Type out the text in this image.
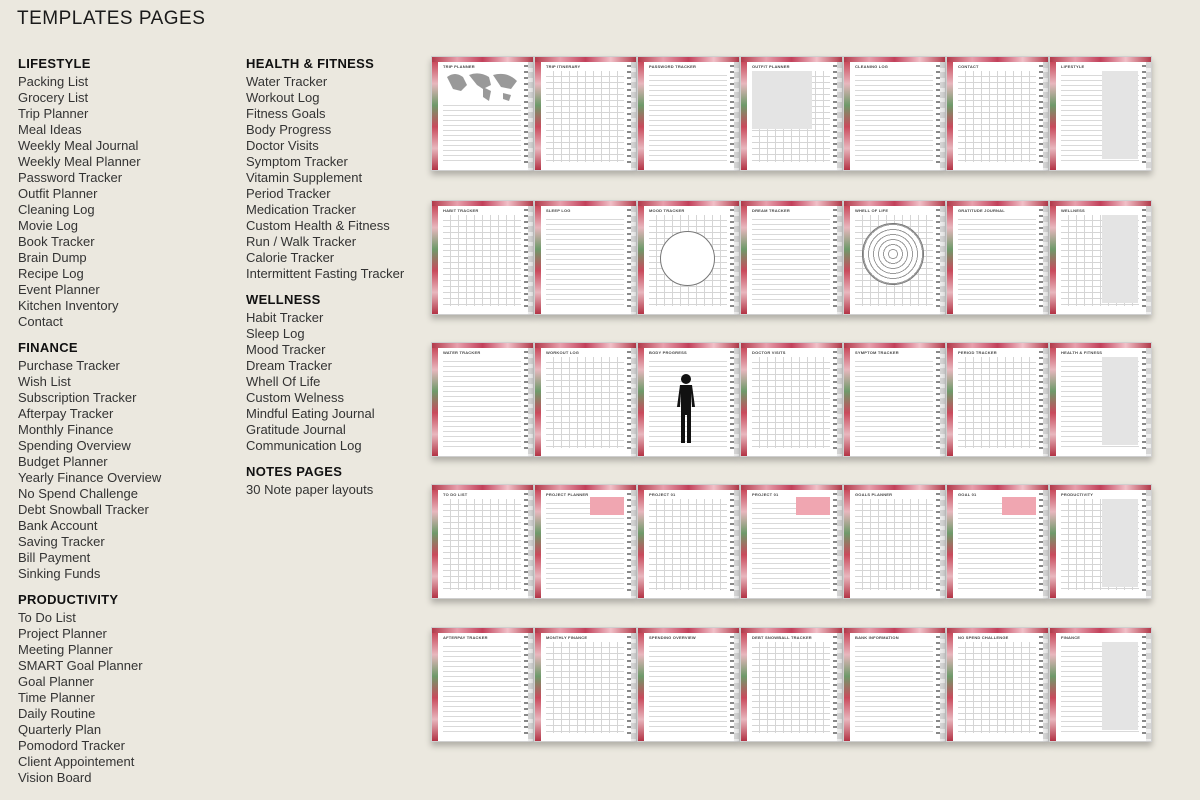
TEMPLATES PAGES
LIFESTYLE
Packing List
Grocery List
Trip Planner
Meal Ideas
Weekly Meal Journal
Weekly Meal Planner
Password Tracker
Outfit Planner
Cleaning Log
Movie Log
Book Tracker
Brain Dump
Recipe Log
Event Planner
Kitchen Inventory
Contact
FINANCE
Purchase Tracker
Wish List
Subscription Tracker
Afterpay Tracker
Monthly Finance
Spending Overview
Budget Planner
Yearly Finance Overview
No Spend Challenge
Debt Snowball Tracker
Bank Account
Saving Tracker
Bill Payment
Sinking Funds
PRODUCTIVITY
To Do List
Project Planner
Meeting Planner
SMART Goal Planner
Goal Planner
Time Planner
Daily Routine
Quarterly Plan
Pomodord Tracker
Client Appointement
Vision Board
HEALTH & FITNESS
Water Tracker
Workout Log
Fitness Goals
Body Progress
Doctor Visits
Symptom Tracker
Vitamin Supplement
Period Tracker
Medication Tracker
Custom Health & Fitness
Run / Walk Tracker
Calorie Tracker
Intermittent Fasting Tracker
WELLNESS
Habit Tracker
Sleep Log
Mood Tracker
Dream Tracker
Whell Of Life
Custom Welness
Mindful Eating Journal
Gratitude Journal
Communication Log
NOTES PAGES
30 Note paper layouts
TRIP PLANNER	TRIP ITINERARY	PASSWORD TRACKER	OUTFIT PLANNER	CLEANING LOG	CONTACT	LIFESTYLE
HABIT TRACKER	SLEEP LOG	MOOD TRACKER	DREAM TRACKER	WHELL OF LIFE	GRATITUDE JOURNAL	WELLNESS
WATER TRACKER	WORKOUT LOG	BODY PROGRESS	DOCTOR VISITS	SYMPTOM TRACKER	PERIOD TRACKER	HEALTH & FITNESS
TO DO LIST	PROJECT PLANNER	PROJECT 01	PROJECT 01	GOALS PLANNER	GOAL 01	PRODUCTIVITY
AFTERPAY TRACKER	MONTHLY FINANCE	SPENDING OVERVIEW	DEBT SNOWBALL TRACKER	BANK INFORMATION	NO SPEND CHALLENGE	FINANCE
